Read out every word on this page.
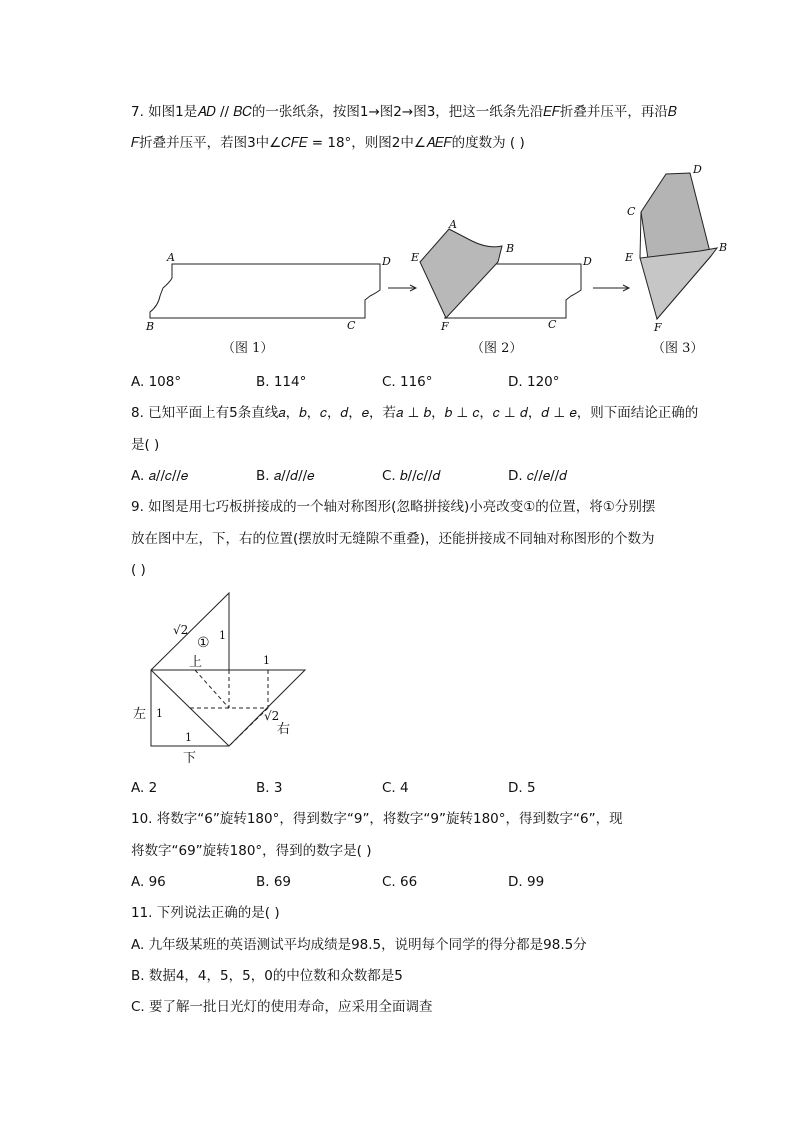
7. 如图1是𝐴𝐷 // 𝐵𝐶的一张纸条，按图1→图2→图3，把这一纸条先沿𝐸𝐹折叠并压平，再沿𝐵
𝐹折叠并压平，若图3中∠𝐶𝐹𝐸 = 18°，则图2中∠𝐴𝐸𝐹的度数为 ( )
A
B	C
D
A
B
C
D
E
F
C
D
E
B
F
（图 1）	（图 2）	（图 3）
A. 108°	B. 114°	C. 116°	D. 120°
8. 已知平面上有5条直线𝑎，𝑏，𝑐，𝑑，𝑒，若𝑎 ⊥ 𝑏，𝑏 ⊥ 𝑐，𝑐 ⊥ 𝑑，𝑑 ⊥ 𝑒，则下面结论正确的
是( )
A. 𝑎//𝑐//𝑒	B. 𝑎//𝑑//𝑒	C. 𝑏//𝑐//𝑑	D. 𝑐//𝑒//𝑑
9. 如图是用七巧板拼接成的一个轴对称图形(忽略拼接线)小亮改变①的位置，将①分别摆
放在图中左，下，右的位置(摆放时无缝隙不重叠)，还能拼接成不同轴对称图形的个数为
( )
√2
① 1
1
上
左 1
1
下
√2
右
A. 2	B. 3	C. 4	D. 5
10. 将数字“6”旋转180°，得到数字“9”，将数字“9”旋转180°，得到数字“6”，现
将数字“69”旋转180°，得到的数字是( )
A. 96	B. 69	C. 66	D. 99
11. 下列说法正确的是( )
A. 九年级某班的英语测试平均成绩是98.5，说明每个同学的得分都是98.5分
B. 数据4，4，5，5，0的中位数和众数都是5
C. 要了解一批日光灯的使用寿命，应采用全面调查
